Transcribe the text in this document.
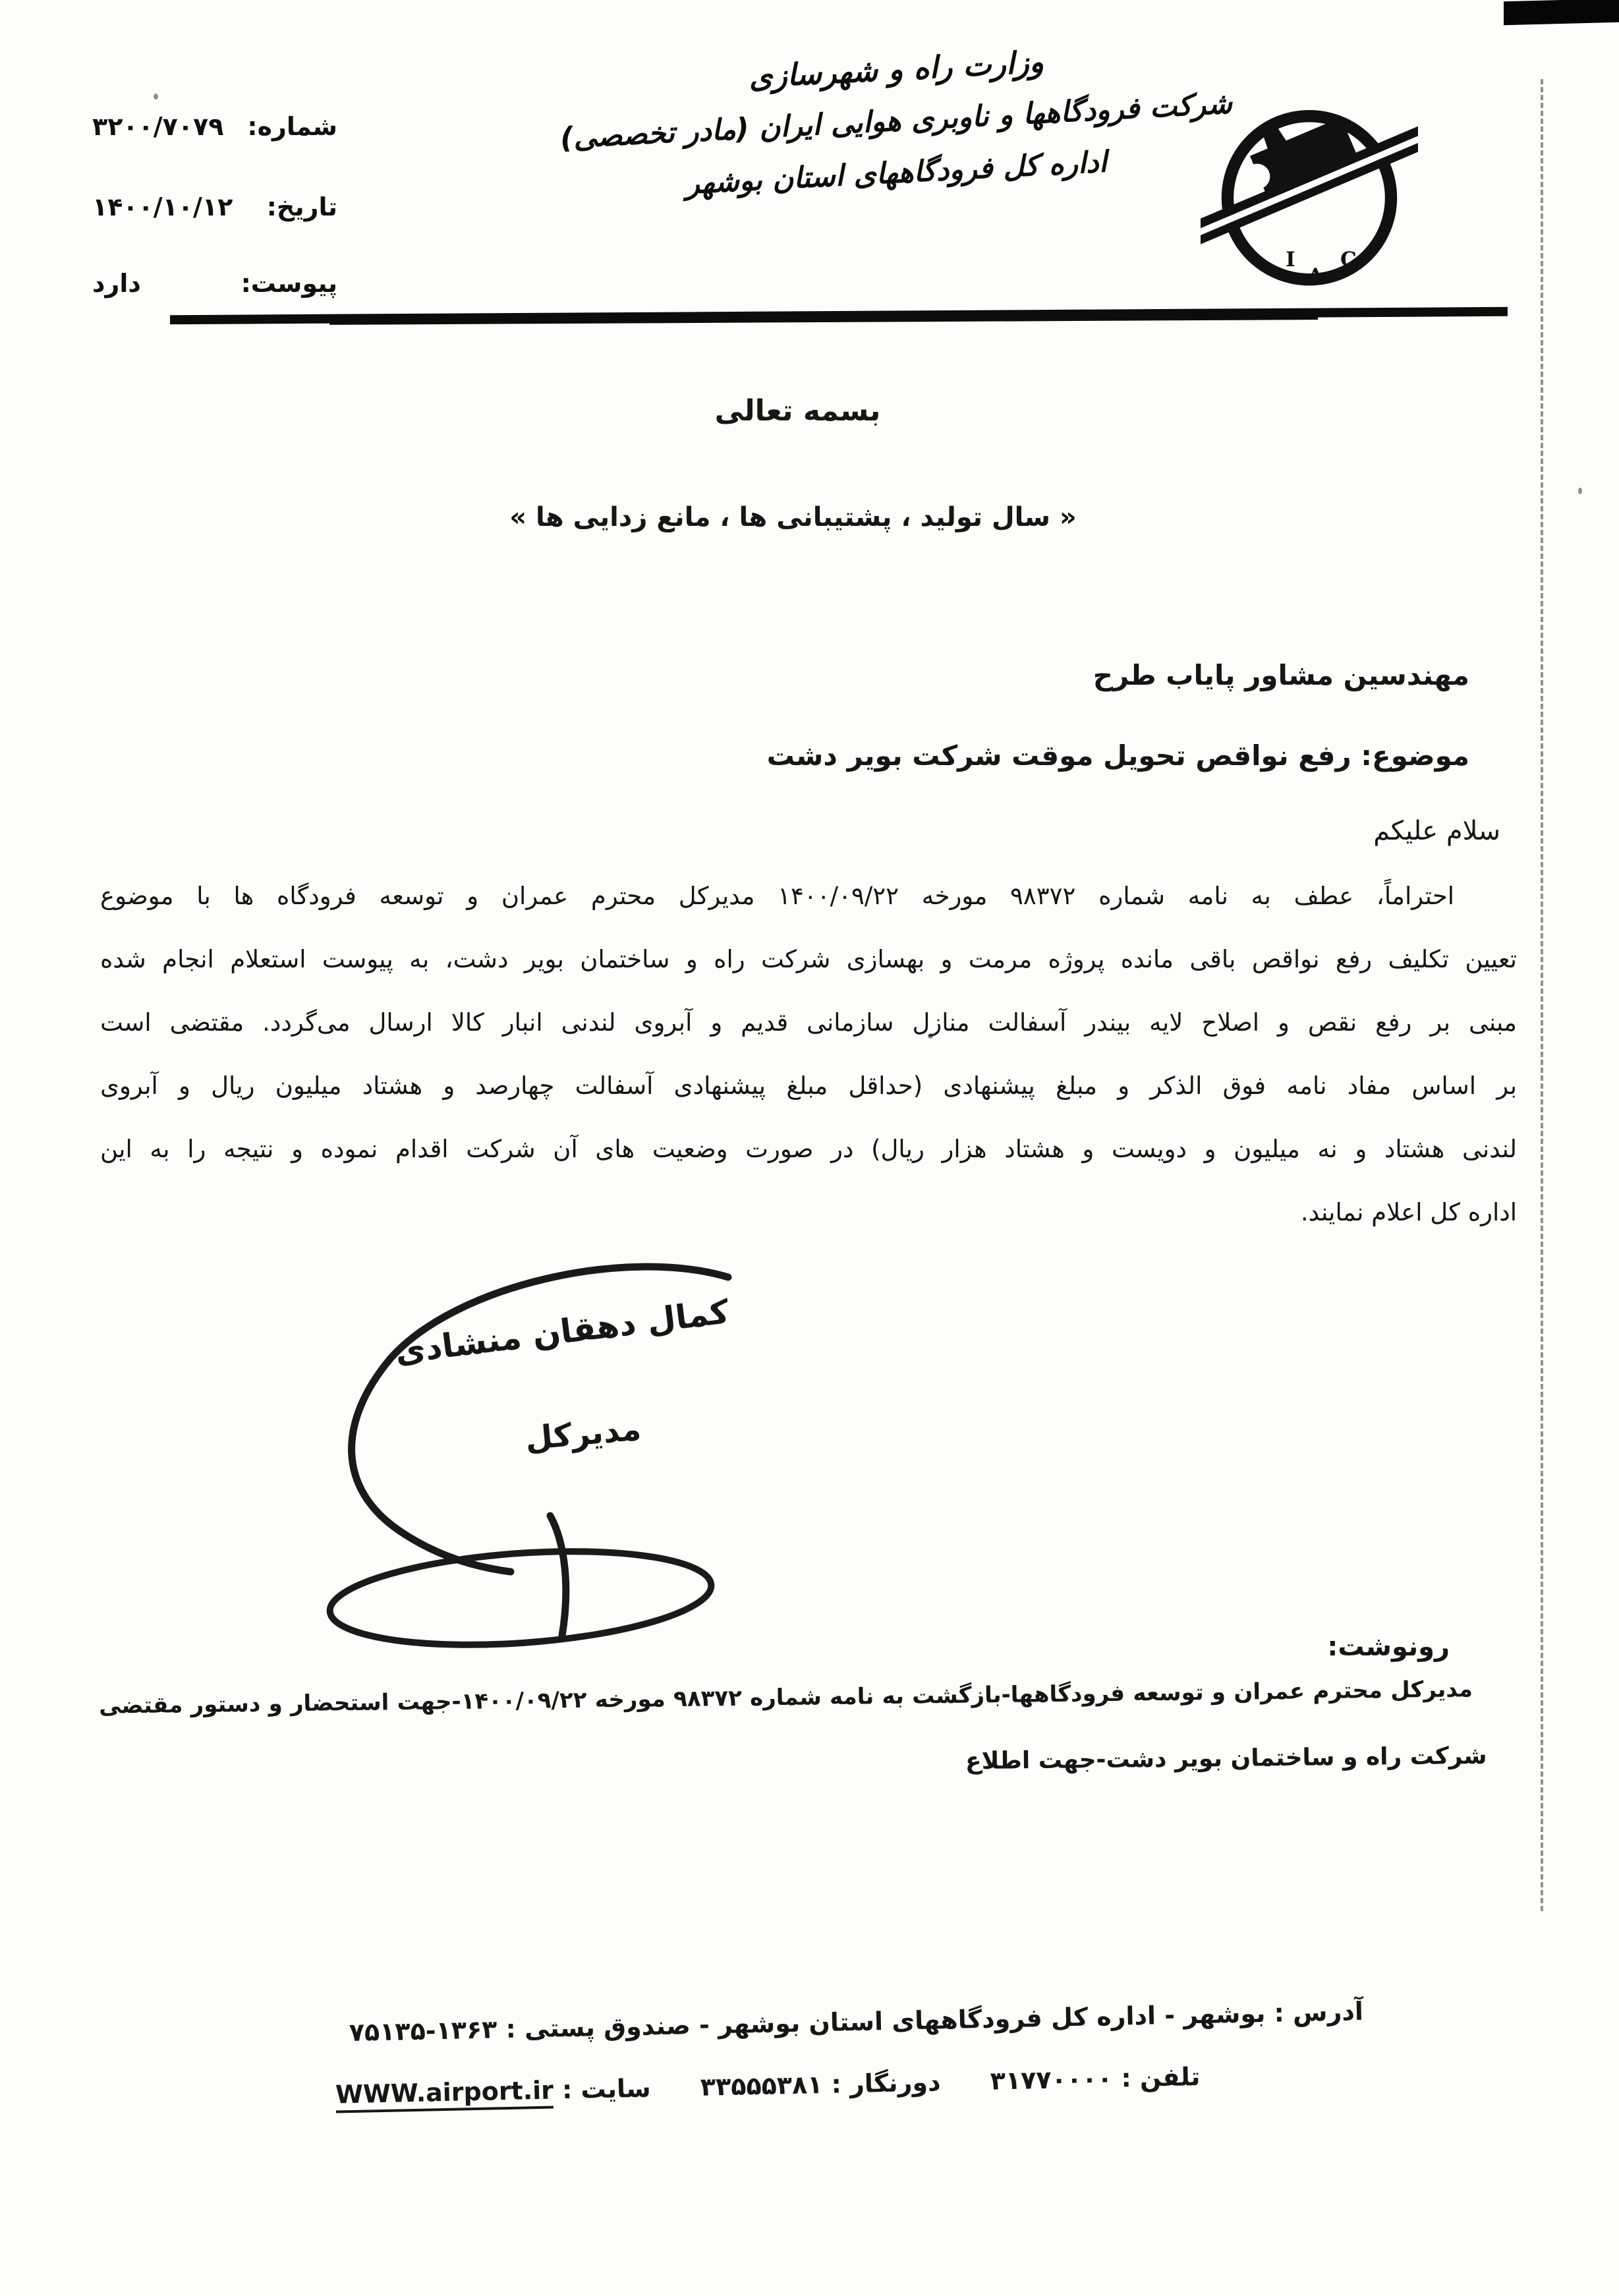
شماره:
۳۲۰۰/۷۰۷۹
تاریخ:
۱۴۰۰/۱۰/۱۲
پیوست:
دارد
وزارت راه و شهرسازی
شرکت فرودگاهها و ناوبری هوایی ایران (مادر تخصصی)
اداره کل فرودگاههای استان بوشهر
I
A
C
بسمه تعالی
« سال تولید ، پشتیبانی ها ، مانع زدایی ها »
مهندسین مشاور پایاب طرح
موضوع: رفع نواقص تحویل موقت شرکت بویر دشت
سلام علیکم
احتراماً، عطف به نامه شماره ۹۸۳۷۲ مورخه ۱۴۰۰/۰۹/۲۲ مدیرکل محترم عمران و توسعه فرودگاه ها با موضوع
تعیین تکلیف رفع نواقص باقی مانده پروژه مرمت و بهسازی شرکت راه و ساختمان بویر دشت، به پیوست استعلام انجام شده
مبنی بر رفع نقص و اصلاح لایه بیندر آسفالت منازل سازمانی قدیم و آبروی لندنی انبار کالا ارسال می‌گردد. مقتضی است
بر اساس مفاد نامه فوق الذکر و مبلغ پیشنهادی (حداقل مبلغ پیشنهادی آسفالت چهارصد و هشتاد میلیون ریال و آبروی
لندنی هشتاد و نه میلیون و دویست و هشتاد هزار ریال) در صورت وضعیت های آن شرکت اقدام نموده و نتیجه را به این
اداره کل اعلام نمایند.
کمال دهقان منشادی
مدیرکل
رونوشت:
مدیرکل محترم عمران و توسعه فرودگاهها-بازگشت به نامه شماره ۹۸۳۷۲ مورخه ۱۴۰۰/۰۹/۲۲-جهت استحضار و دستور مقتضی
شرکت راه و ساختمان بویر دشت-جهت اطلاع
آدرس : بوشهر - اداره کل فرودگاههای استان بوشهر - صندوق پستی : ۷۵۱۳۵-۱۳۶۳
تلفن : ۳۱۷۷۰۰۰۰ دورنگار : ۳۳۵۵۵۳۸۱ سایت : WWW.airport.ir
